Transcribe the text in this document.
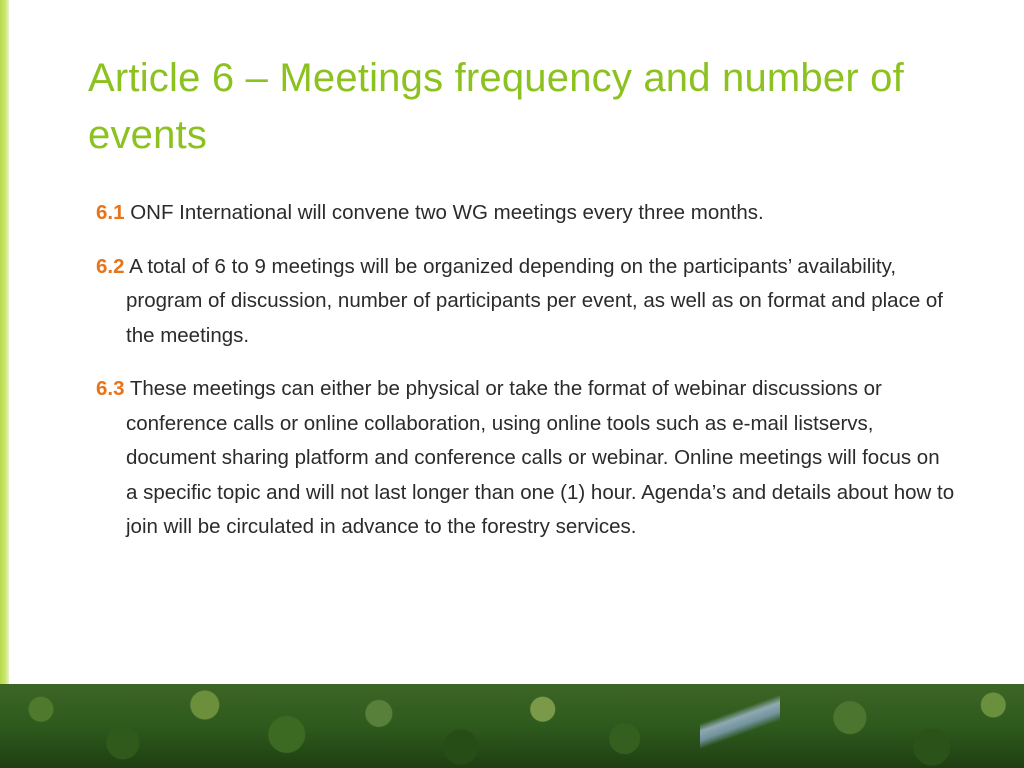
Article 6 – Meetings frequency and number of events

6.1 ONF International will convene two WG meetings every three months.

6.2 A total of 6 to 9 meetings will be organized depending on the participants’ availability, program of discussion, number of participants per event, as well as on format and place of the meetings.

6.3 These meetings can either be physical or take the format of webinar discussions or conference calls or online collaboration, using online tools such as e-mail listservs, document sharing platform and conference calls or webinar. Online meetings will focus on a specific topic and will not last longer than one (1) hour. Agenda’s and details about how to join will be circulated in advance to the forestry services.
